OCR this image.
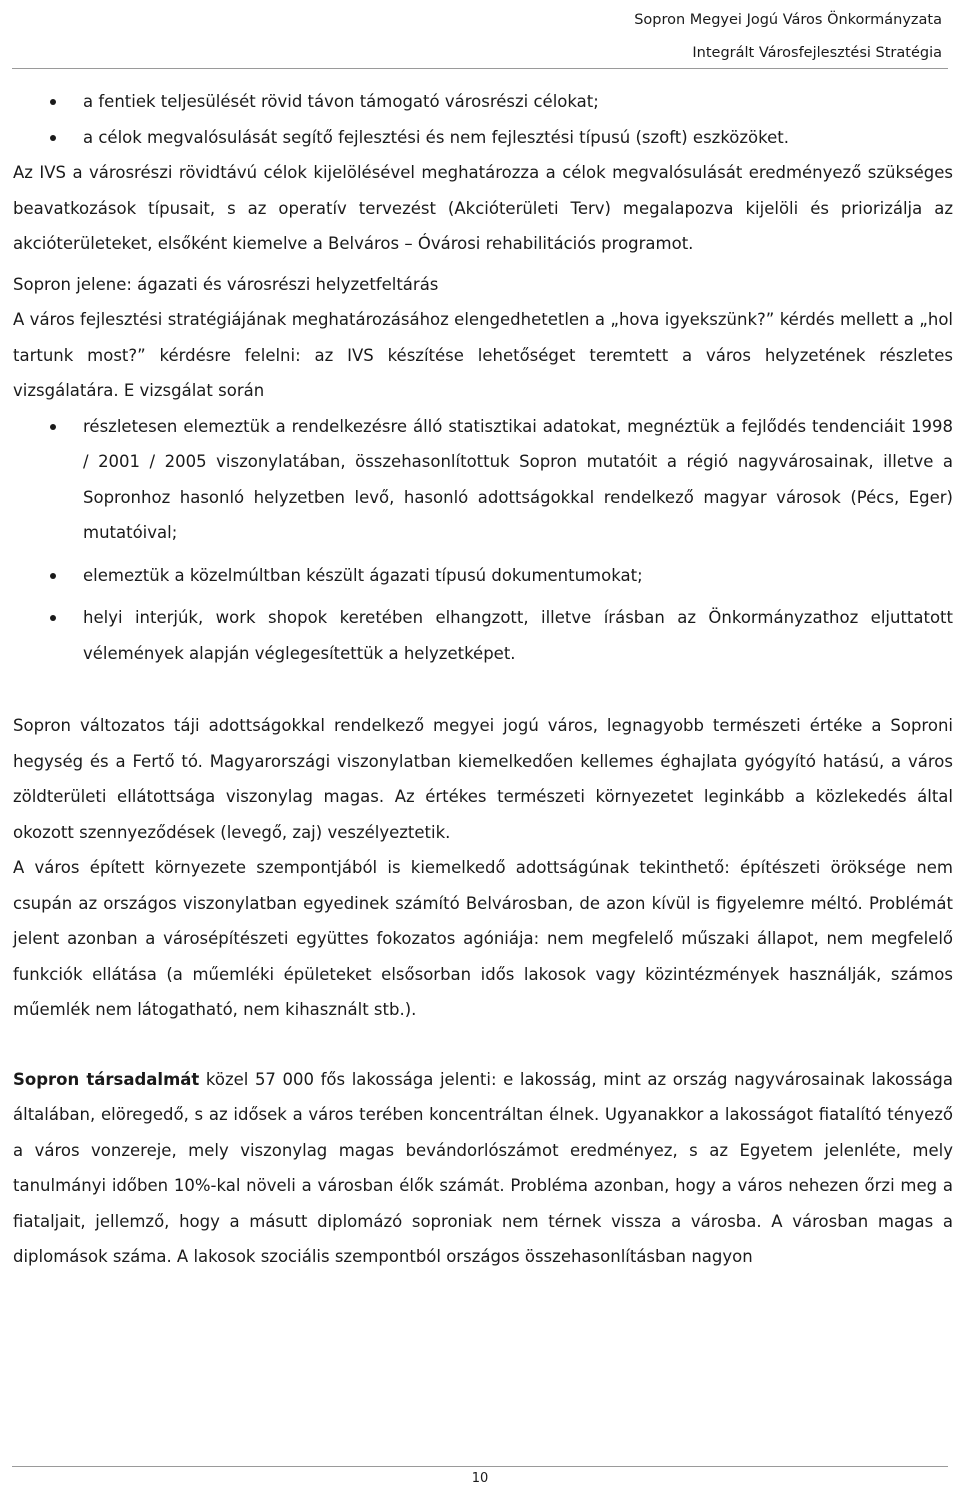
Sopron Megyei Jogú Város Önkormányzata
Integrált Városfejlesztési Stratégia
a fentiek teljesülését rövid távon támogató városrészi célokat;
a célok megvalósulását segítő fejlesztési és nem fejlesztési típusú (szoft) eszközöket.

Az IVS a városrészi rövidtávú célok kijelölésével meghatározza a célok megvalósulását eredményező szükséges beavatkozások típusait, s az operatív tervezést (Akcióterületi Terv) megalapozva kijelöli és priorizálja az akcióterületeket, elsőként kiemelve a Belváros – Óvárosi rehabilitációs programot.

Sopron jelene: ágazati és városrészi helyzetfeltárás

A város fejlesztési stratégiájának meghatározásához elengedhetetlen a „hova igyekszünk?” kérdés mellett a „hol tartunk most?” kérdésre felelni: az IVS készítése lehetőséget teremtett a város helyzetének részletes vizsgálatára. E vizsgálat során

részletesen elemeztük a rendelkezésre álló statisztikai adatokat, megnéztük a fejlődés tendenciáit 1998 / 2001 / 2005 viszonylatában, összehasonlítottuk Sopron mutatóit a régió nagyvárosainak, illetve a Sopronhoz hasonló helyzetben levő, hasonló adottságokkal rendelkező magyar városok (Pécs, Eger) mutatóival;
elemeztük a közelmúltban készült ágazati típusú dokumentumokat;
helyi interjúk, work shopok keretében elhangzott, illetve írásban az Önkormányzathoz eljuttatott vélemények alapján véglegesítettük a helyzetképet.

Sopron változatos táji adottságokkal rendelkező megyei jogú város, legnagyobb természeti értéke a Soproni hegység és a Fertő tó. Magyarországi viszonylatban kiemelkedően kellemes éghajlata gyógyító hatású, a város zöldterületi ellátottsága viszonylag magas. Az értékes természeti környezetet leginkább a közlekedés által okozott szennyeződések (levegő, zaj) veszélyeztetik.

A város épített környezete szempontjából is kiemelkedő adottságúnak tekinthető: építészeti öröksége nem csupán az országos viszonylatban egyedinek számító Belvárosban, de azon kívül is figyelemre méltó. Problémát jelent azonban a városépítészeti együttes fokozatos agóniája: nem megfelelő műszaki állapot, nem megfelelő funkciók ellátása (a műemléki épületeket elsősorban idős lakosok vagy közintézmények használják, számos műemlék nem látogatható, nem kihasznált stb.).

Sopron társadalmát közel 57 000 fős lakossága jelenti: e lakosság, mint az ország nagyvárosainak lakossága általában, elöregedő, s az idősek a város terében koncentráltan élnek. Ugyanakkor a lakosságot fiatalító tényező a város vonzereje, mely viszonylag magas bevándorlószámot eredményez, s az Egyetem jelenléte, mely tanulmányi időben 10%-kal növeli a városban élők számát. Probléma azonban, hogy a város nehezen őrzi meg a fiataljait, jellemző, hogy a másutt diplomázó soproniak nem térnek vissza a városba. A városban magas a diplomások száma. A lakosok szociális szempontból országos összehasonlításban nagyon

10
